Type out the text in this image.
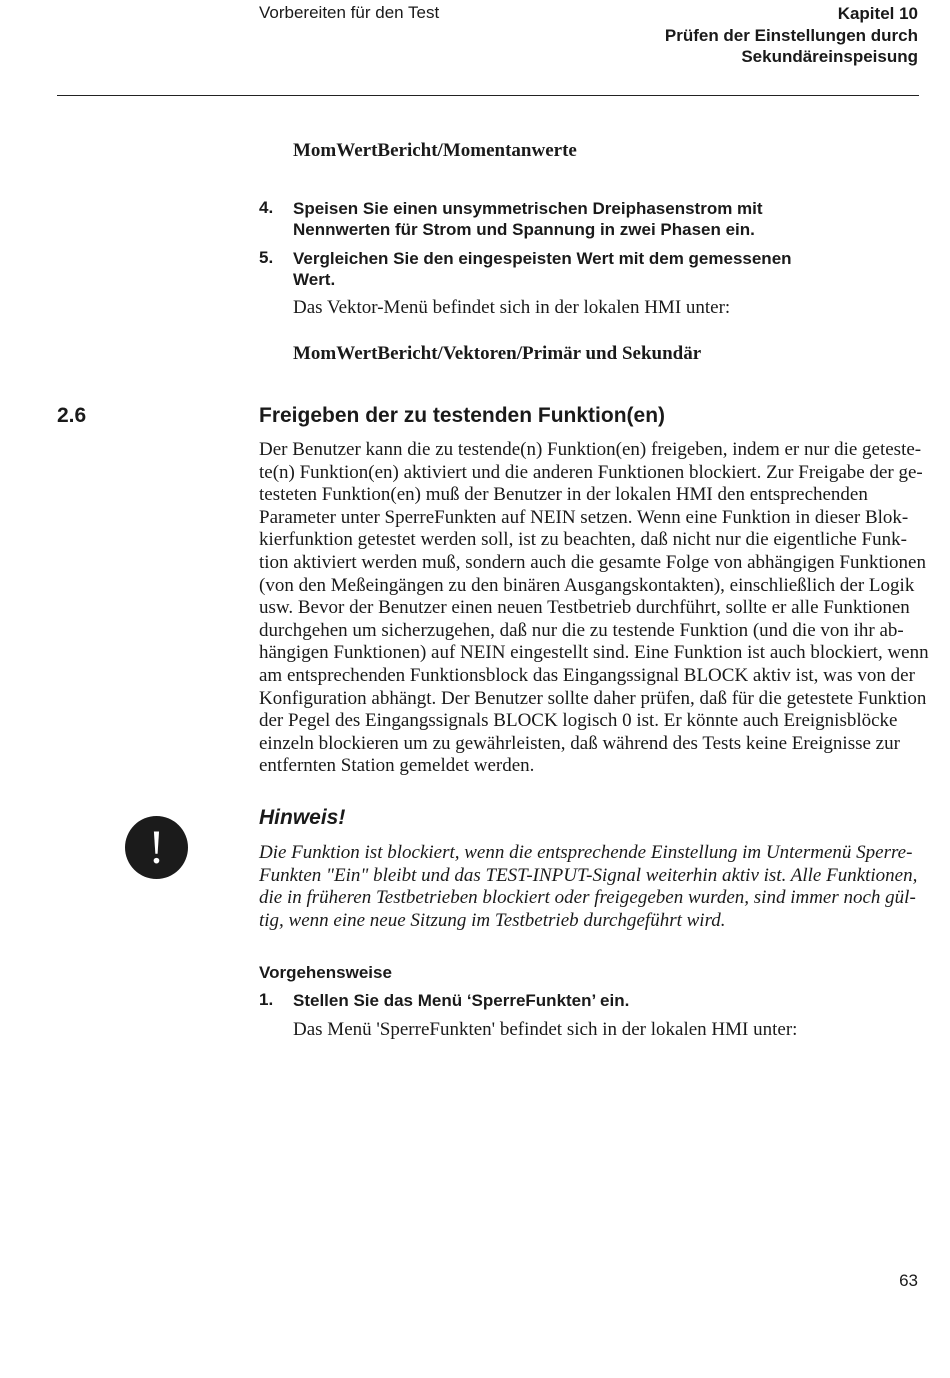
Vorbereiten für den Test	Kapitel 10
Prüfen der Einstellungen durch
Sekundäreinspeisung
MomWertBericht/Momentanwerte
4. Speisen Sie einen unsymmetrischen Dreiphasenstrom mit
Nennwerten für Strom und Spannung in zwei Phasen ein.
5. Vergleichen Sie den eingespeisten Wert mit dem gemessenen
Wert.
Das Vektor-Menü befindet sich in der lokalen HMI unter:
MomWertBericht/Vektoren/Primär und Sekundär
2.6	Freigeben der zu testenden Funktion(en)
Der Benutzer kann die zu testende(n) Funktion(en) freigeben, indem er nur die geteste-
te(n) Funktion(en) aktiviert und die anderen Funktionen blockiert. Zur Freigabe der ge-
testeten Funktion(en) muß der Benutzer in der lokalen HMI den entsprechenden
Parameter unter SperreFunkten auf NEIN setzen. Wenn eine Funktion in dieser Blok-
kierfunktion getestet werden soll, ist zu beachten, daß nicht nur die eigentliche Funk-
tion aktiviert werden muß, sondern auch die gesamte Folge von abhängigen Funktionen
(von den Meßeingängen zu den binären Ausgangskontakten), einschließlich der Logik
usw. Bevor der Benutzer einen neuen Testbetrieb durchführt, sollte er alle Funktionen
durchgehen um sicherzugehen, daß nur die zu testende Funktion (und die von ihr ab-
hängigen Funktionen) auf NEIN eingestellt sind. Eine Funktion ist auch blockiert, wenn
am entsprechenden Funktionsblock das Eingangssignal BLOCK aktiv ist, was von der
Konfiguration abhängt. Der Benutzer sollte daher prüfen, daß für die getestete Funktion
der Pegel des Eingangssignals BLOCK logisch 0 ist. Er könnte auch Ereignisblöcke
einzeln blockieren um zu gewährleisten, daß während des Tests keine Ereignisse zur
entfernten Station gemeldet werden.
!
Hinweis!
Die Funktion ist blockiert, wenn die entsprechende Einstellung im Untermenü Sperre-
Funkten "Ein" bleibt und das TEST-INPUT-Signal weiterhin aktiv ist. Alle Funktionen,
die in früheren Testbetrieben blockiert oder freigegeben wurden, sind immer noch gül-
tig, wenn eine neue Sitzung im Testbetrieb durchgeführt wird.
Vorgehensweise
1. Stellen Sie das Menü ‘SperreFunkten’ ein.
Das Menü 'SperreFunkten' befindet sich in der lokalen HMI unter:
63
